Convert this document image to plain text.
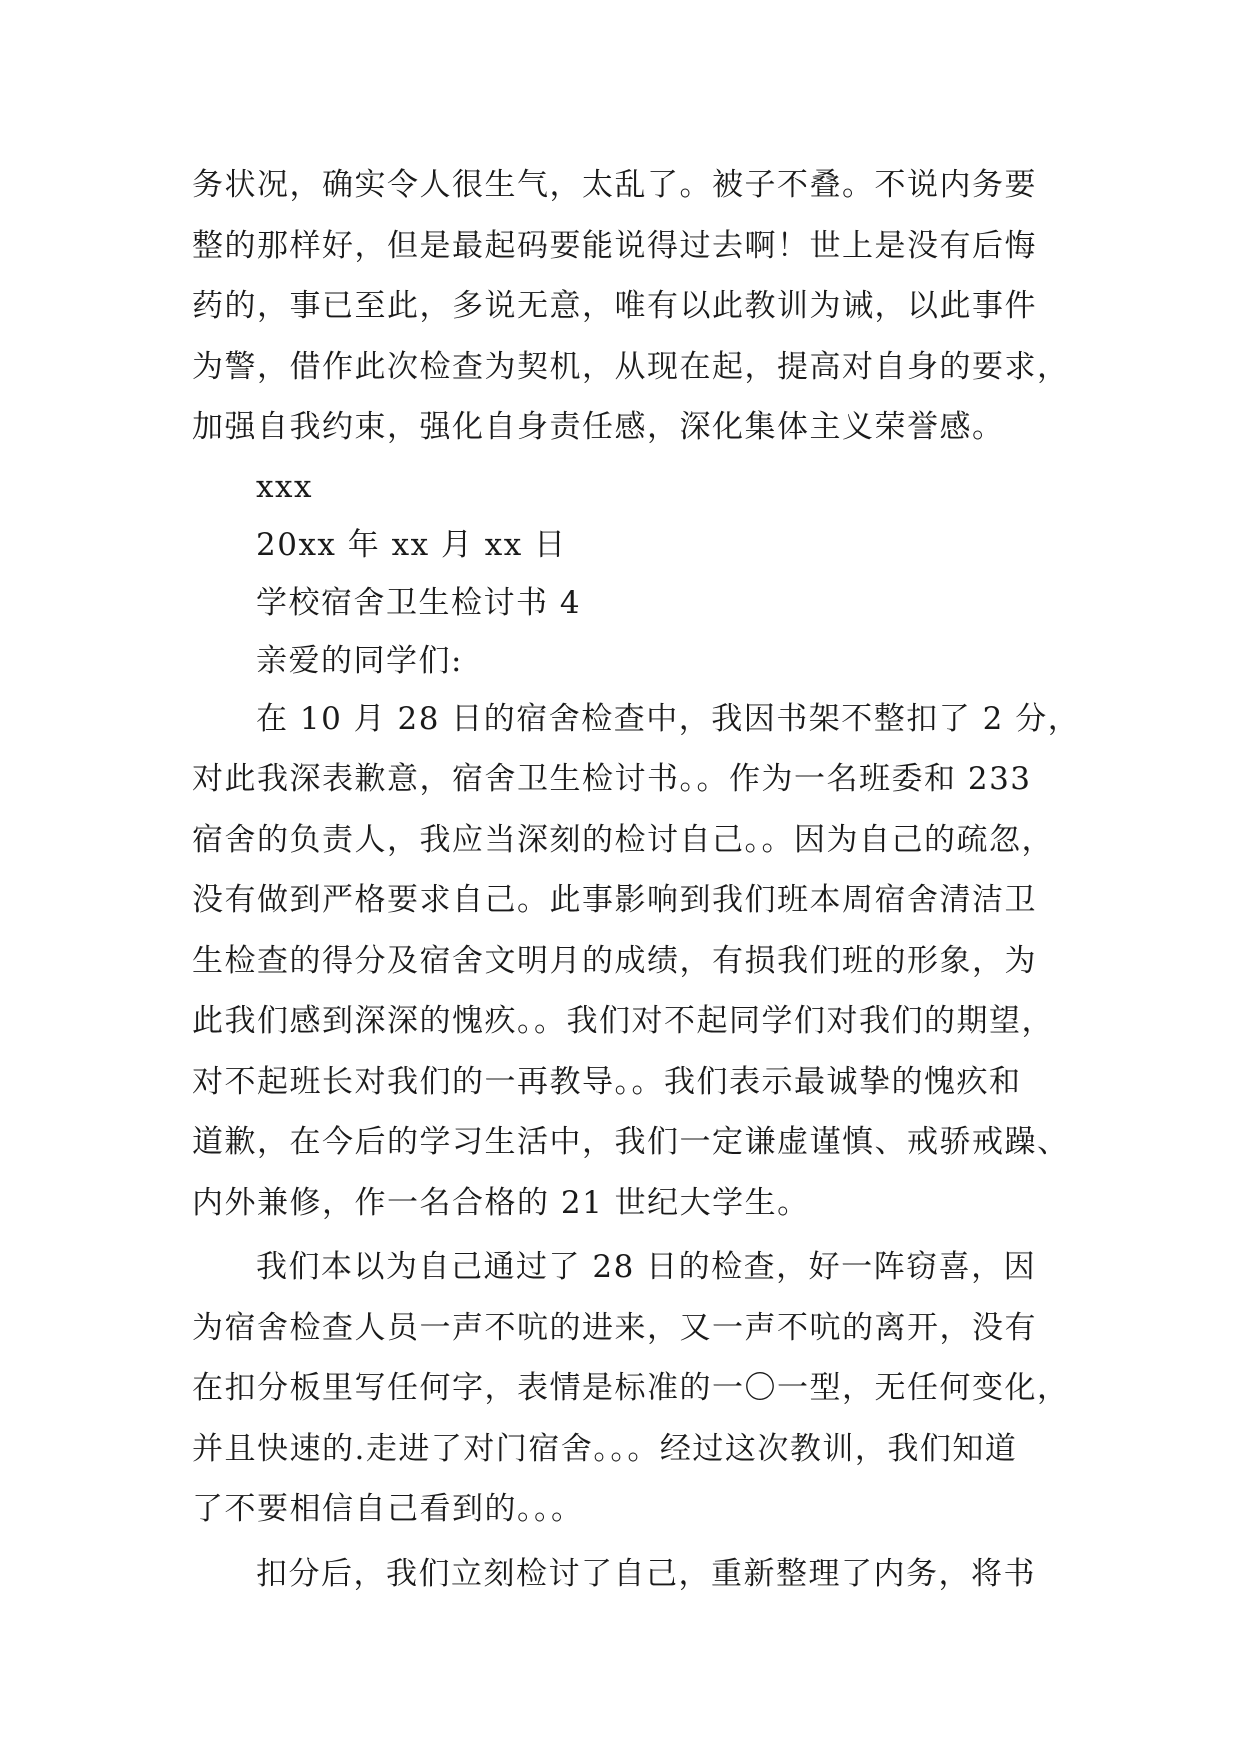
务状况，确实令人很生气，太乱了。被子不叠。不说内务要
整的那样好，但是最起码要能说得过去啊！世上是没有后悔
药的，事已至此，多说无意，唯有以此教训为诫，以此事件
为警，借作此次检查为契机，从现在起，提高对自身的要求，
加强自我约束，强化自身责任感，深化集体主义荣誉感。
xxx
20xx 年 xx 月 xx 日
学校宿舍卫生检讨书 4
亲爱的同学们:
在 10 月 28 日的宿舍检查中，我因书架不整扣了 2 分，
对此我深表歉意，宿舍卫生检讨书。。作为一名班委和 233
宿舍的负责人，我应当深刻的检讨自己。。因为自己的疏忽，
没有做到严格要求自己。此事影响到我们班本周宿舍清洁卫
生检查的得分及宿舍文明月的成绩，有损我们班的形象，为
此我们感到深深的愧疚。。我们对不起同学们对我们的期望，
对不起班长对我们的一再教导。。我们表示最诚挚的愧疚和
道歉，在今后的学习生活中，我们一定谦虚谨慎、戒骄戒躁、
内外兼修，作一名合格的 21 世纪大学生。
我们本以为自己通过了 28 日的检查，好一阵窃喜，因
为宿舍检查人员一声不吭的进来，又一声不吭的离开，没有
在扣分板里写任何字，表情是标准的一〇一型，无任何变化，
并且快速的.走进了对门宿舍。。。经过这次教训，我们知道
了不要相信自己看到的。。。
扣分后，我们立刻检讨了自己，重新整理了内务，将书
